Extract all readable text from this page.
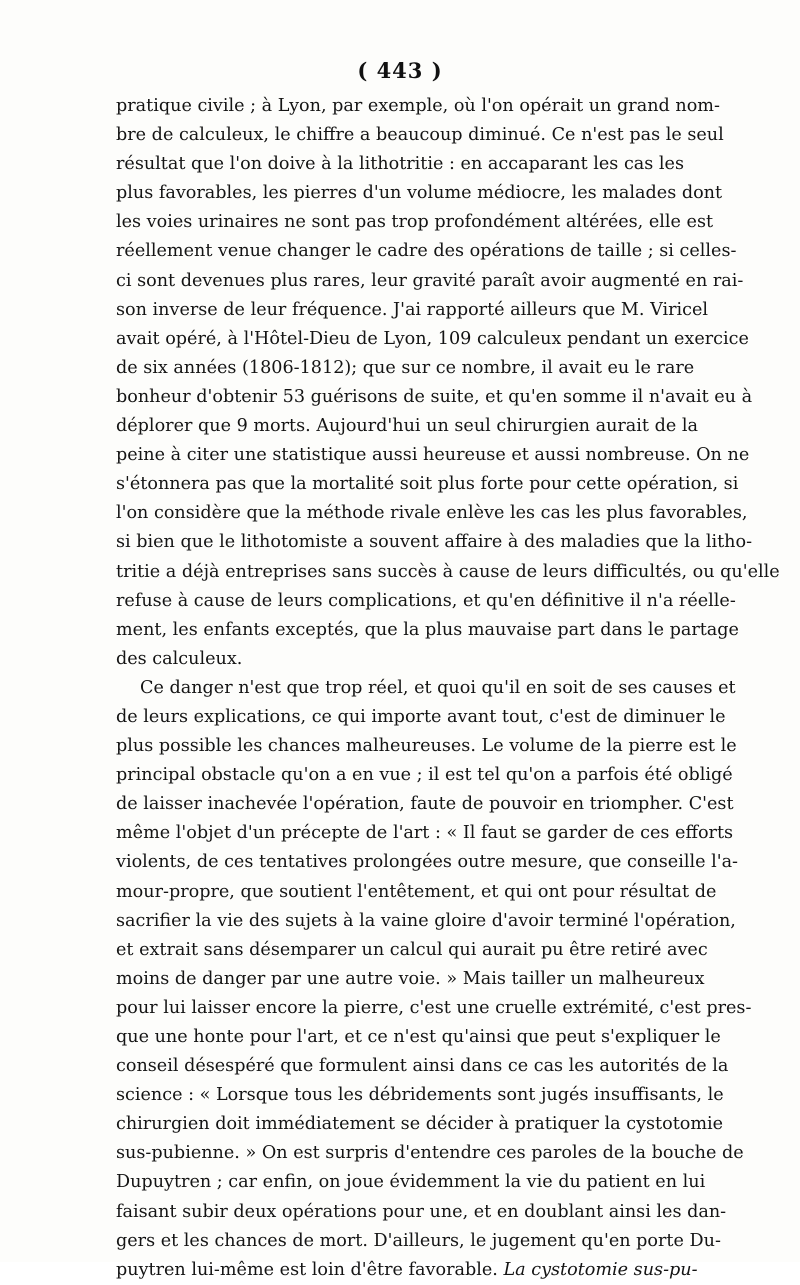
( 443 )
pratique civile ; à Lyon, par exemple, où l'on opérait un grand nom-
bre de calculeux, le chiffre a beaucoup diminué. Ce n'est pas le seul
résultat que l'on doive à la lithotritie : en accaparant les cas les
plus favorables, les pierres d'un volume médiocre, les malades dont
les voies urinaires ne sont pas trop profondément altérées, elle est
réellement venue changer le cadre des opérations de taille ; si celles-
ci sont devenues plus rares, leur gravité paraît avoir augmenté en rai-
son inverse de leur fréquence. J'ai rapporté ailleurs que M. Viricel
avait opéré, à l'Hôtel-Dieu de Lyon, 109 calculeux pendant un exercice
de six années (1806-1812); que sur ce nombre, il avait eu le rare
bonheur d'obtenir 53 guérisons de suite, et qu'en somme il n'avait eu à
déplorer que 9 morts. Aujourd'hui un seul chirurgien aurait de la
peine à citer une statistique aussi heureuse et aussi nombreuse. On ne
s'étonnera pas que la mortalité soit plus forte pour cette opération, si
l'on considère que la méthode rivale enlève les cas les plus favorables,
si bien que le lithotomiste a souvent affaire à des maladies que la litho-
tritie a déjà entreprises sans succès à cause de leurs difficultés, ou qu'elle
refuse à cause de leurs complications, et qu'en définitive il n'a réelle-
ment, les enfants exceptés, que la plus mauvaise part dans le partage
des calculeux.
Ce danger n'est que trop réel, et quoi qu'il en soit de ses causes et
de leurs explications, ce qui importe avant tout, c'est de diminuer le
plus possible les chances malheureuses. Le volume de la pierre est le
principal obstacle qu'on a en vue ; il est tel qu'on a parfois été obligé
de laisser inachevée l'opération, faute de pouvoir en triompher. C'est
même l'objet d'un précepte de l'art : « Il faut se garder de ces efforts
violents, de ces tentatives prolongées outre mesure, que conseille l'a-
mour-propre, que soutient l'entêtement, et qui ont pour résultat de
sacrifier la vie des sujets à la vaine gloire d'avoir terminé l'opération,
et extrait sans désemparer un calcul qui aurait pu être retiré avec
moins de danger par une autre voie. » Mais tailler un malheureux
pour lui laisser encore la pierre, c'est une cruelle extrémité, c'est pres-
que une honte pour l'art, et ce n'est qu'ainsi que peut s'expliquer le
conseil désespéré que formulent ainsi dans ce cas les autorités de la
science : « Lorsque tous les débridements sont jugés insuffisants, le
chirurgien doit immédiatement se décider à pratiquer la cystotomie
sus-pubienne. » On est surpris d'entendre ces paroles de la bouche de
Dupuytren ; car enfin, on joue évidemment la vie du patient en lui
faisant subir deux opérations pour une, et en doublant ainsi les dan-
gers et les chances de mort. D'ailleurs, le jugement qu'en porte Du-
puytren lui-même est loin d'être favorable. La cystotomie sus-pu-
